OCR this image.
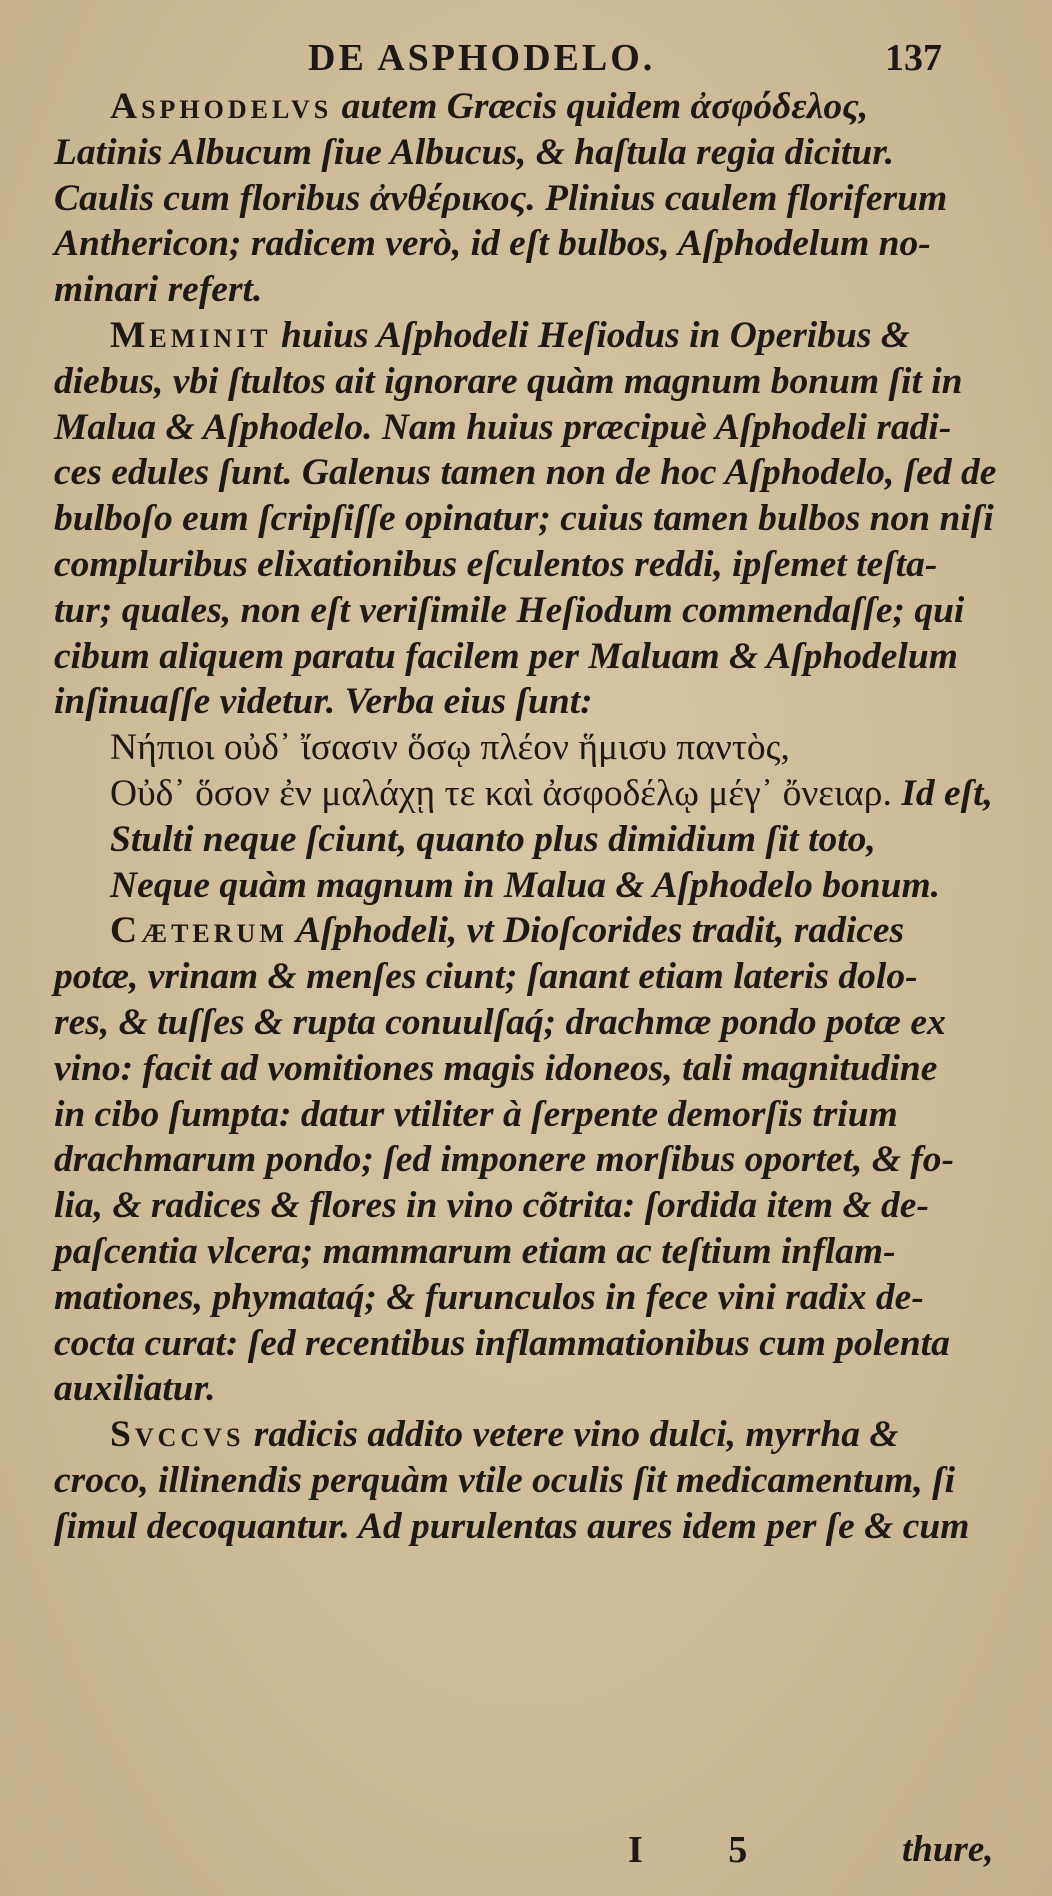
DE ASPHODELO.	137
Asphodelvs autem Græcis quidem ἀσφόδελος,
Latinis Albucum ſiue Albucus, & haſtula regia dicitur.
Caulis cum floribus ἀνθέρικος. Plinius caulem floriferum
Anthericon; radicem verò, id eſt bulbos, Aſphodelum no-
minari refert.
Meminit huius Aſphodeli Heſiodus in Operibus &
diebus, vbi ſtultos ait ignorare quàm magnum bonum ſit in
Malua & Aſphodelo. Nam huius præcipuè Aſphodeli radi-
ces edules ſunt. Galenus tamen non de hoc Aſphodelo, ſed de
bulboſo eum ſcripſiſſe opinatur; cuius tamen bulbos non niſi
compluribus elixationibus eſculentos reddi, ipſemet teſta-
tur; quales, non eſt veriſimile Heſiodum commendaſſe; qui
cibum aliquem paratu facilem per Maluam & Aſphodelum
inſinuaſſe videtur. Verba eius ſunt:
Νήπιοι οὐδ᾽ ἴσασιν ὅσῳ πλέον ἥμισυ παντὸς,
Οὐδ᾽ ὅσον ἐν μαλάχῃ τε καὶ ἀσφοδέλῳ μέγ᾽ ὄνειαρ. Id eſt,
Stulti neque ſciunt, quanto plus dimidium ſit toto,
Neque quàm magnum in Malua & Aſphodelo bonum.
Cæterum Aſphodeli, vt Dioſcorides tradit, radices
potæ, vrinam & menſes ciunt; ſanant etiam lateris dolo-
res, & tuſſes & rupta conuulſaq́; drachmæ pondo potæ ex
vino: facit ad vomitiones magis idoneos, tali magnitudine
in cibo ſumpta: datur vtiliter à ſerpente demorſis trium
drachmarum pondo; ſed imponere morſibus oportet, & fo-
lia, & radices & flores in vino cõtrita: ſordida item & de-
paſcentia vlcera; mammarum etiam ac teſtium inflam-
mationes, phymataq́; & furunculos in fece vini radix de-
cocta curat: ſed recentibus inflammationibus cum polenta
auxiliatur.
Svccvs radicis addito vetere vino dulci, myrrha &
croco, illinendis perquàm vtile oculis ſit medicamentum, ſi
ſimul decoquantur. Ad purulentas aures idem per ſe & cum
I 5	thure,
